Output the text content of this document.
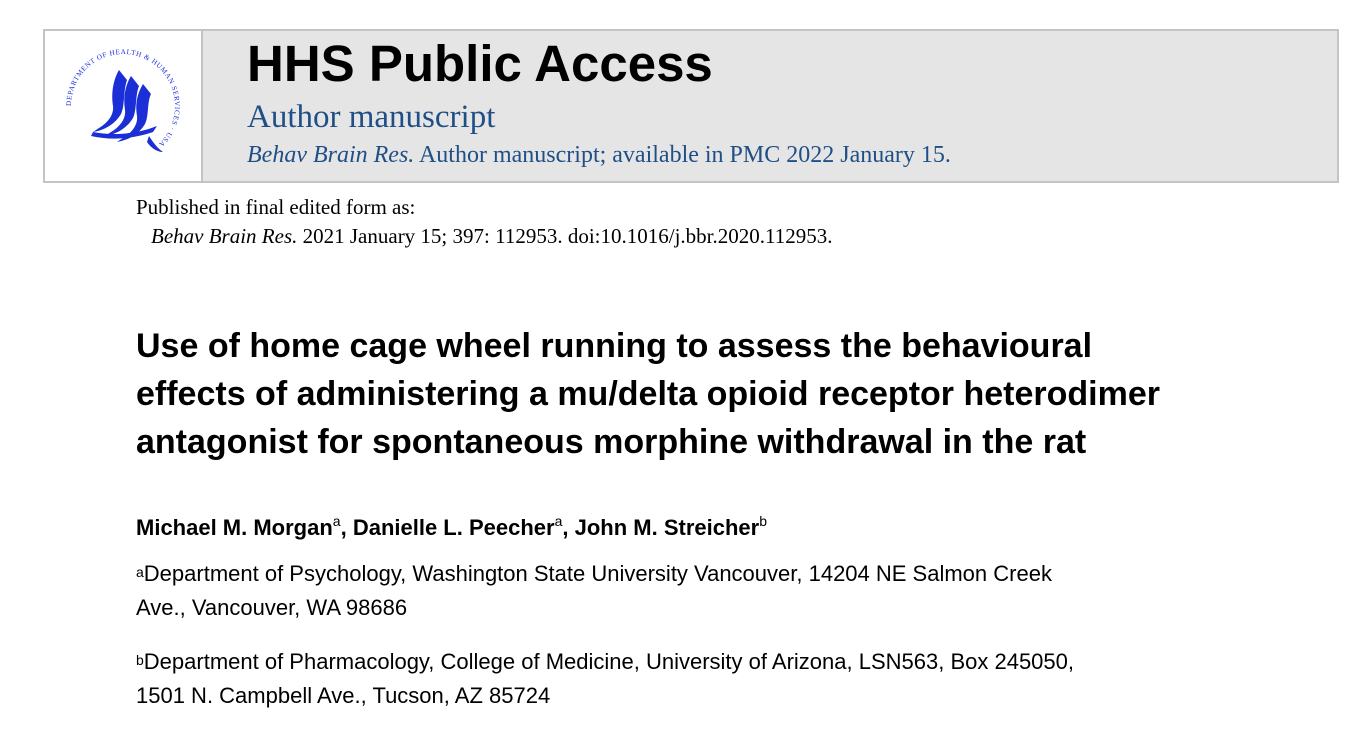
DEPARTMENT OF HEALTH & HUMAN SERVICES · USA
HHS Public Access
Author manuscript
Behav Brain Res. Author manuscript; available in PMC 2022 January 15.
Published in final edited form as:
Behav Brain Res. 2021 January 15; 397: 112953. doi:10.1016/j.bbr.2020.112953.
Use of home cage wheel running to assess the behavioural
effects of administering a mu/delta opioid receptor heterodimer
antagonist for spontaneous morphine withdrawal in the rat
Michael M. Morgan$^a$, Danielle L. Peecher$^a$, John M. Streicher$^b$
$^a$Department of Psychology, Washington State University Vancouver, 14204 NE Salmon Creek
Ave., Vancouver, WA 98686
$^b$Department of Pharmacology, College of Medicine, University of Arizona, LSN563, Box 245050,
1501 N. Campbell Ave., Tucson, AZ 85724
